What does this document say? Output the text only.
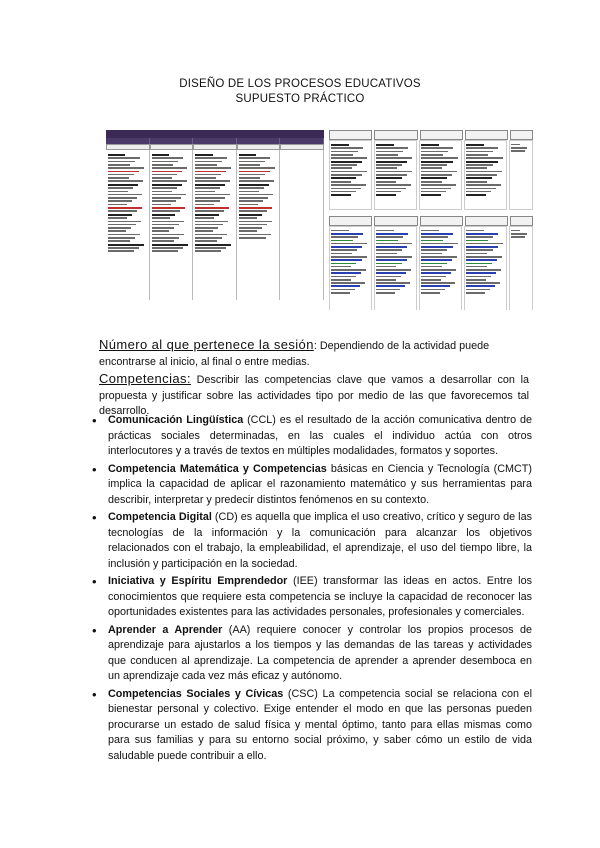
DISEÑO DE LOS PROCESOS EDUCATIVOS
SUPUESTO PRÁCTICO
Número al que pertenece la sesión: Dependiendo de la actividad puede encontrarse al inicio, al final o entre medias.
Competencias: Describir las competencias clave que vamos a desarrollar con la propuesta y justificar sobre las actividades tipo por medio de las que favorecemos tal desarrollo.
• Comunicación Lingüística (CCL) es el resultado de la acción comunicativa dentro de prácticas sociales determinadas, en las cuales el individuo actúa con otros interlocutores y a través de textos en múltiples modalidades, formatos y soportes.
• Competencia Matemática y Competencias básicas en Ciencia y Tecnología (CMCT) implica la capacidad de aplicar el razonamiento matemático y sus herramientas para describir, interpretar y predecir distintos fenómenos en su contexto.
• Competencia Digital (CD) es aquella que implica el uso creativo, crítico y seguro de las tecnologías de la información y la comunicación para alcanzar los objetivos relacionados con el trabajo, la empleabilidad, el aprendizaje, el uso del tiempo libre, la inclusión y participación en la sociedad.
• Iniciativa y Espíritu Emprendedor (IEE) transformar las ideas en actos. Entre los conocimientos que requiere esta competencia se incluye la capacidad de reconocer las oportunidades existentes para las actividades personales, profesionales y comerciales.
• Aprender a Aprender (AA) requiere conocer y controlar los propios procesos de aprendizaje para ajustarlos a los tiempos y las demandas de las tareas y actividades que conducen al aprendizaje. La competencia de aprender a aprender desemboca en un aprendizaje cada vez más eficaz y autónomo.
• Competencias Sociales y Cívicas (CSC) La competencia social se relaciona con el bienestar personal y colectivo. Exige entender el modo en que las personas pueden procurarse un estado de salud física y mental óptimo, tanto para ellas mismas como para sus familias y para su entorno social próximo, y saber cómo un estilo de vida saludable puede contribuir a ello.
